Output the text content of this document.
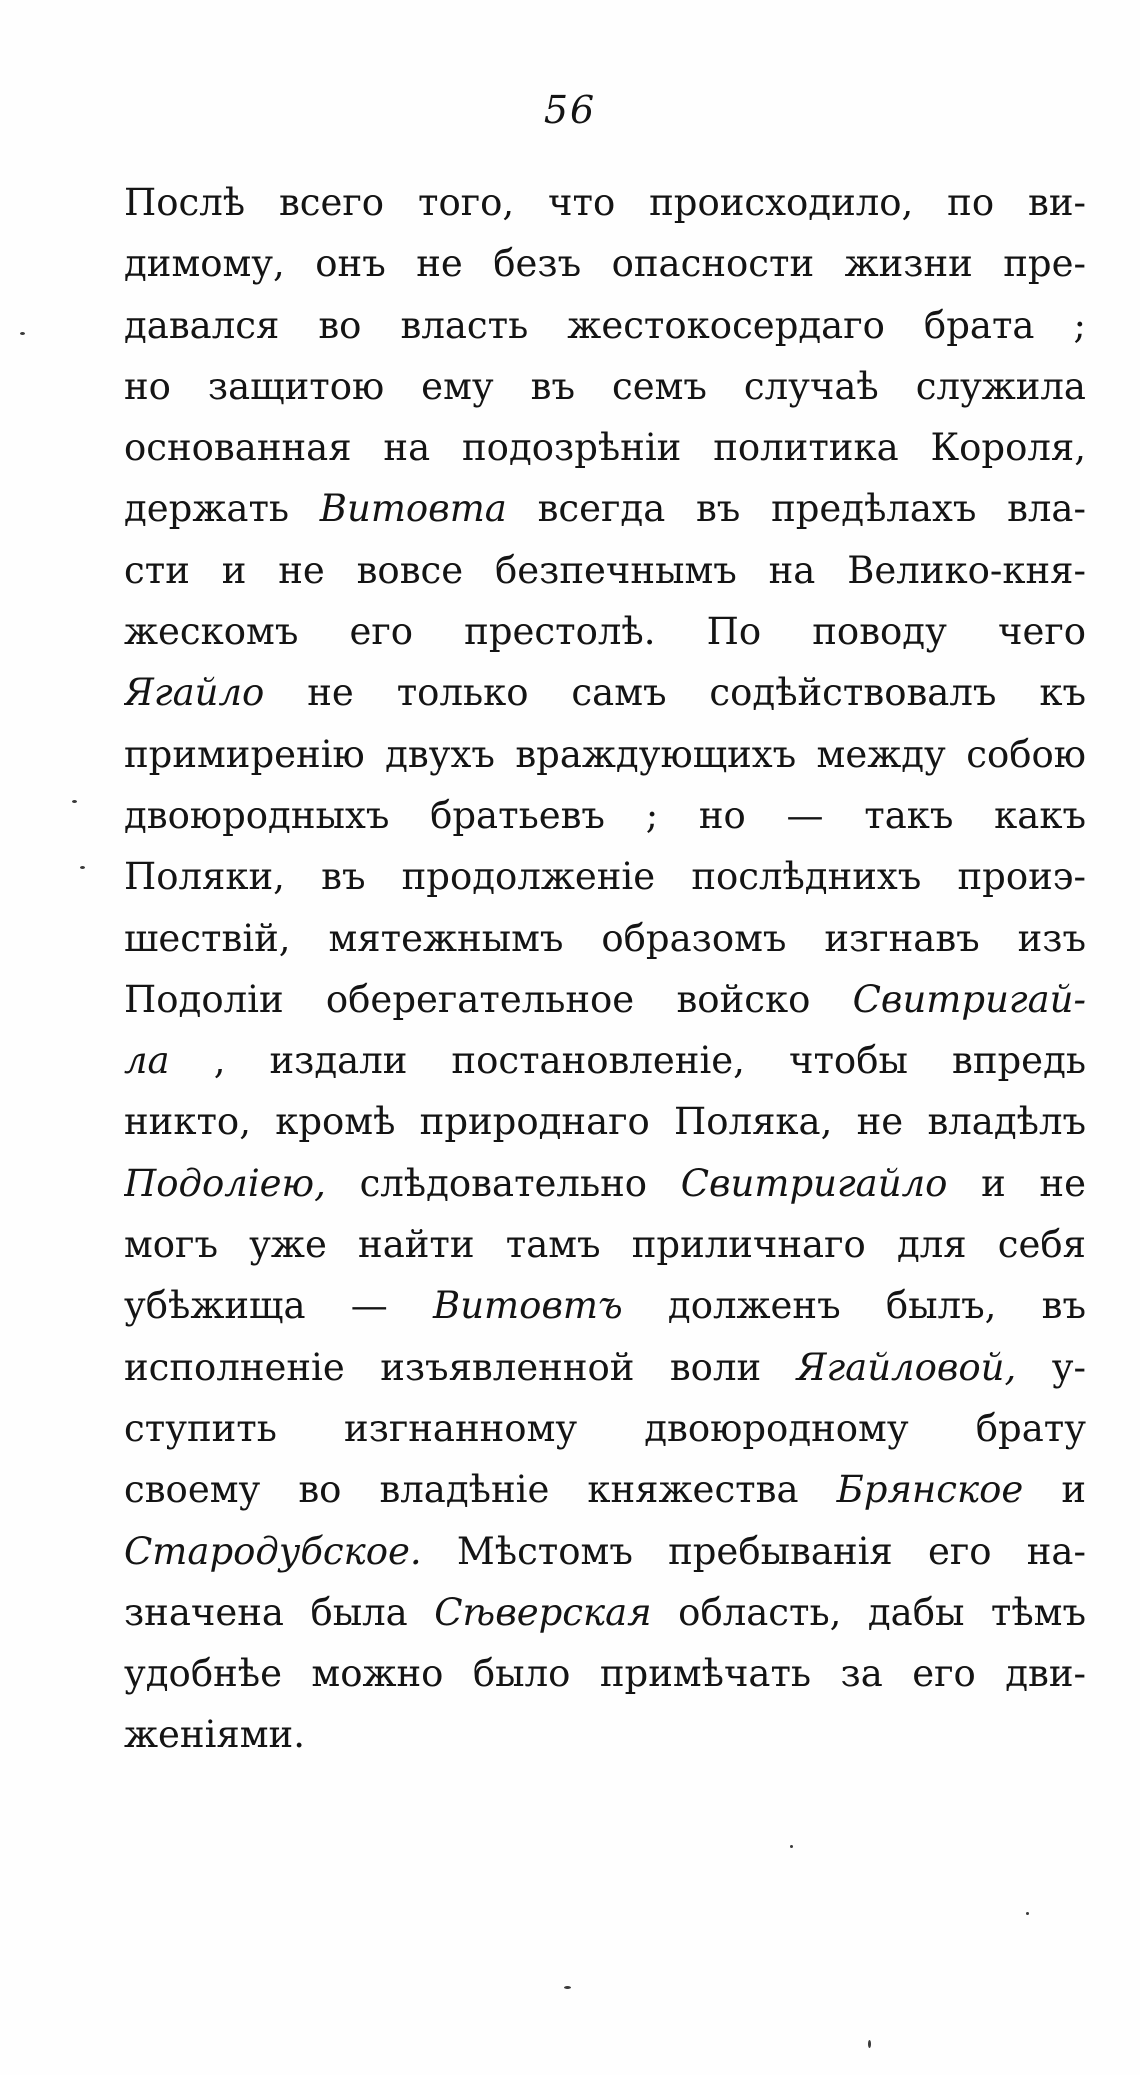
56
Послѣ всего того, что происходило, по ви-
димому, онъ не безъ опасности жизни пре-
давался во власть жестокосердаго брата ;
но защитою ему въ семъ случаѣ служила
основанная на подозрѣніи политика Короля,
держать Витовта всегда въ предѣлахъ вла-
сти и не вовсе безпечнымъ на Велико-кня-
жескомъ его престолѣ. По поводу чего
Ягайло не только самъ содѣйствовалъ къ
примиренію двухъ враждующихъ между собою
двоюродныхъ братьевъ ; но — такъ какъ
Поляки, въ продолженіе послѣднихъ проиэ-
шествій, мятежнымъ образомъ изгнавъ изъ
Подоліи оберегательное войско Свитригай-
ла , издали постановленіе, чтобы впредь
никто, кромѣ природнаго Поляка, не владѣлъ
Подоліею, слѣдовательно Свитригайло и не
могъ уже найти тамъ приличнаго для себя
убѣжища — Витовтъ долженъ былъ, въ
исполненіе изъявленной воли Ягайловой, у-
ступить изгнанному двоюродному брату
своему во владѣніе княжества Брянское и
Стародубское. Мѣстомъ пребыванія его на-
значена была Сѣверская область, дабы тѣмъ
удобнѣе можно было примѣчать за его дви-
женіями.
